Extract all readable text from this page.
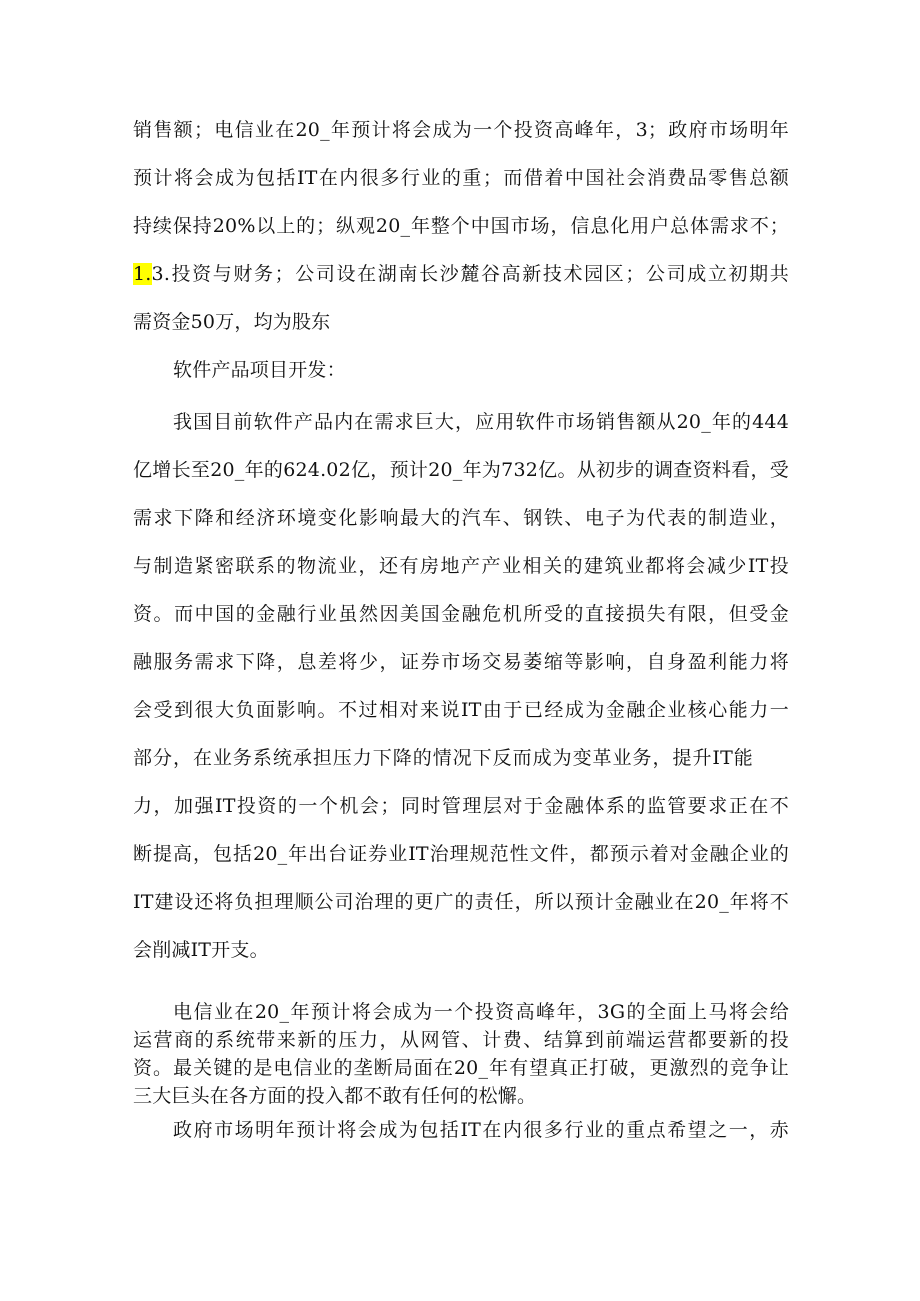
销售额；电信业在20_年预计将会成为一个投资高峰年，3；政府市场明年
预计将会成为包括IT在内很多行业的重；而借着中国社会消费品零售总额
持续保持20%以上的；纵观20_年整个中国市场，信息化用户总体需求不；
1.3.投资与财务；公司设在湖南长沙麓谷高新技术园区；公司成立初期共
需资金50万，均为股东
软件产品项目开发：
我国目前软件产品内在需求巨大，应用软件市场销售额从20_年的444
亿增长至20_年的624.02亿，预计20_年为732亿。从初步的调查资料看，受
需求下降和经济环境变化影响最大的汽车、钢铁、电子为代表的制造业，
与制造紧密联系的物流业，还有房地产产业相关的建筑业都将会减少IT投
资。而中国的金融行业虽然因美国金融危机所受的直接损失有限，但受金
融服务需求下降，息差将少，证券市场交易萎缩等影响，自身盈利能力将
会受到很大负面影响。不过相对来说IT由于已经成为金融企业核心能力一
部分，在业务系统承担压力下降的情况下反而成为变革业务，提升IT能
力，加强IT投资的一个机会；同时管理层对于金融体系的监管要求正在不
断提高，包括20_年出台证券业IT治理规范性文件，都预示着对金融企业的
IT建设还将负担理顺公司治理的更广的责任，所以预计金融业在20_年将不
会削减IT开支。
电信业在20_年预计将会成为一个投资高峰年，3G的全面上马将会给
运营商的系统带来新的压力，从网管、计费、结算到前端运营都要新的投
资。最关键的是电信业的垄断局面在20_年有望真正打破，更激烈的竞争让
三大巨头在各方面的投入都不敢有任何的松懈。
政府市场明年预计将会成为包括IT在内很多行业的重点希望之一，赤
